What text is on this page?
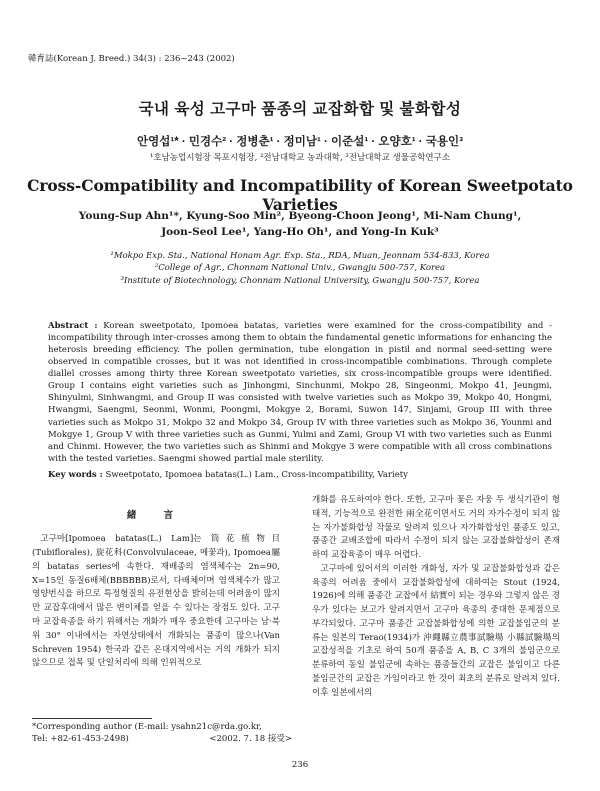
韓育誌(Korean J. Breed.) 34(3) : 236~243 (2002)
국내 육성 고구마 품종의 교잡화합 및 불화합성
안영섭¹* · 민경수² · 정병춘¹ · 정미남¹ · 이준설¹ · 오양호¹ · 국용인³
¹호남농업시험장 목포시험장, ²전남대학교 농과대학, ³전남대학교 생물공학연구소
Cross-Compatibility and Incompatibility of Korean Sweetpotato Varieties
Young-Sup Ahn¹*, Kyung-Soo Min², Byeong-Choon Jeong¹, Mi-Nam Chung¹,
Joon-Seol Lee¹, Yang-Ho Oh¹, and Yong-In Kuk³
¹Mokpo Exp. Sta., National Honam Agr. Exp. Sta., RDA, Muan, Jeonnam 534-833, Korea
²College of Agr., Chonnam National Univ., Gwangju 500-757, Korea
³Institute of Biotechnology, Chonnam National University, Gwangju 500-757, Korea
Abstract : Korean sweetpotato, Ipomoea batatas, varieties were examined for the cross-compatibility and -incompatibility through inter-crosses among them to obtain the fundamental genetic informations for enhancing the heterosis breeding efficiency. The pollen germination, tube elongation in pistil and normal seed-setting were observed in compatible crosses, but it was not identified in cross-incompatible combinations. Through complete diallel crosses among thirty three Korean sweetpotato varieties, six cross-incompatible groups were identified. Group I contains eight varieties such as Jinhongmi, Sinchunmi, Mokpo 28, Singeonmi, Mokpo 41, Jeungmi, Shinyulmi, Sinhwangmi, and Group II was consisted with twelve varieties such as Mokpo 39, Mokpo 40, Hongmi, Hwangmi, Saengmi, Seonmi, Wonmi, Poongmi, Mokgye 2, Borami, Suwon 147, Sinjami, Group III with three varieties such as Mokpo 31, Mokpo 32 and Mokpo 34, Group IV with three varieties such as Mokpo 36, Younmi and Mokgye 1, Group V with three varieties such as Gunmi, Yulmi and Zami, Group VI with two varieties such as Eunmi and Chinmi. However, the two varieties such as Shinmi and Mokgye 3 were compatible with all cross combinations with the tested varieties. Saengmi showed partial male sterility.
Key words : Sweetpotato, Ipomoea batatas(L.) Lam., Cross-incompatibility, Variety
緒 言

고구마[Ipomoea batatas(L.) Lam]는 筒花植物目(Tubiflorales), 旋花科(Convolvulaceae, 메꽃과), Ipomoea屬의 batatas series에 속한다. 재배종의 염색체수는 2n=90, X=15인 동질6배체(BBBBBB)로서, 다배체이며 염색체수가 많고 영양번식을 하므로 특정형질의 유전현상을 밝히는데 어려움이 많지만 교잡후대에서 많은 변이체를 얻을 수 있다는 장점도 있다. 고구마 교잡육종을 하기 위해서는 개화가 매우 중요한데 고구마는 남·북위 30° 이내에서는 자연상태에서 개화되는 품종이 많으나(Van Schreven 1954) 한국과 같은 온대지역에서는 거의 개화가 되지 않으므로 접목 및 단일처리에 의해 인위적으로

개화를 유도하여야 한다. 또한, 고구마 꽃은 자웅 두 생식기관이 형태적, 기능적으로 완전한 兩全花이면서도 거의 자가수정이 되지 않는 자가불화합성 작물로 알려져 있으나 자가화합성인 품종도 있고, 품종간 교배조합에 따라서 수정이 되지 않는 교잡불화합성이 존재하여 교잡육종이 매우 어렵다.

고구마에 있어서의 이러한 개화성, 자가 및 교잡불화합성과 같은 육종의 어려움 중에서 교잡불화합성에 대하여는 Stout (1924, 1926)에 의해 품종간 교잡에서 結實이 되는 경우와 그렇지 않은 경우가 있다는 보고가 알려지면서 고구마 육종의 중대한 문제점으로 부각되었다. 고구마 품종간 교잡불화합성에 의한 교잡불임군의 분류는 일본의 Terao(1934)가 沖繩縣立農事試驗場 小縣試驗場의 교잡성적을 기초로 하여 50개 품종을 A, B, C 3개의 불임군으로 분류하여 동일 불임군에 속하는 품종들간의 교잡은 불임이고 다른 불임군간의 교잡은 가임이라고 한 것이 최초의 분류로 알려져 있다. 이후 일본에서의

*Corresponding author (E-mail: ysahn21c@rda.go.kr,
Tel: +82-61-453-2498)	<2002. 7. 18 接受>
236
